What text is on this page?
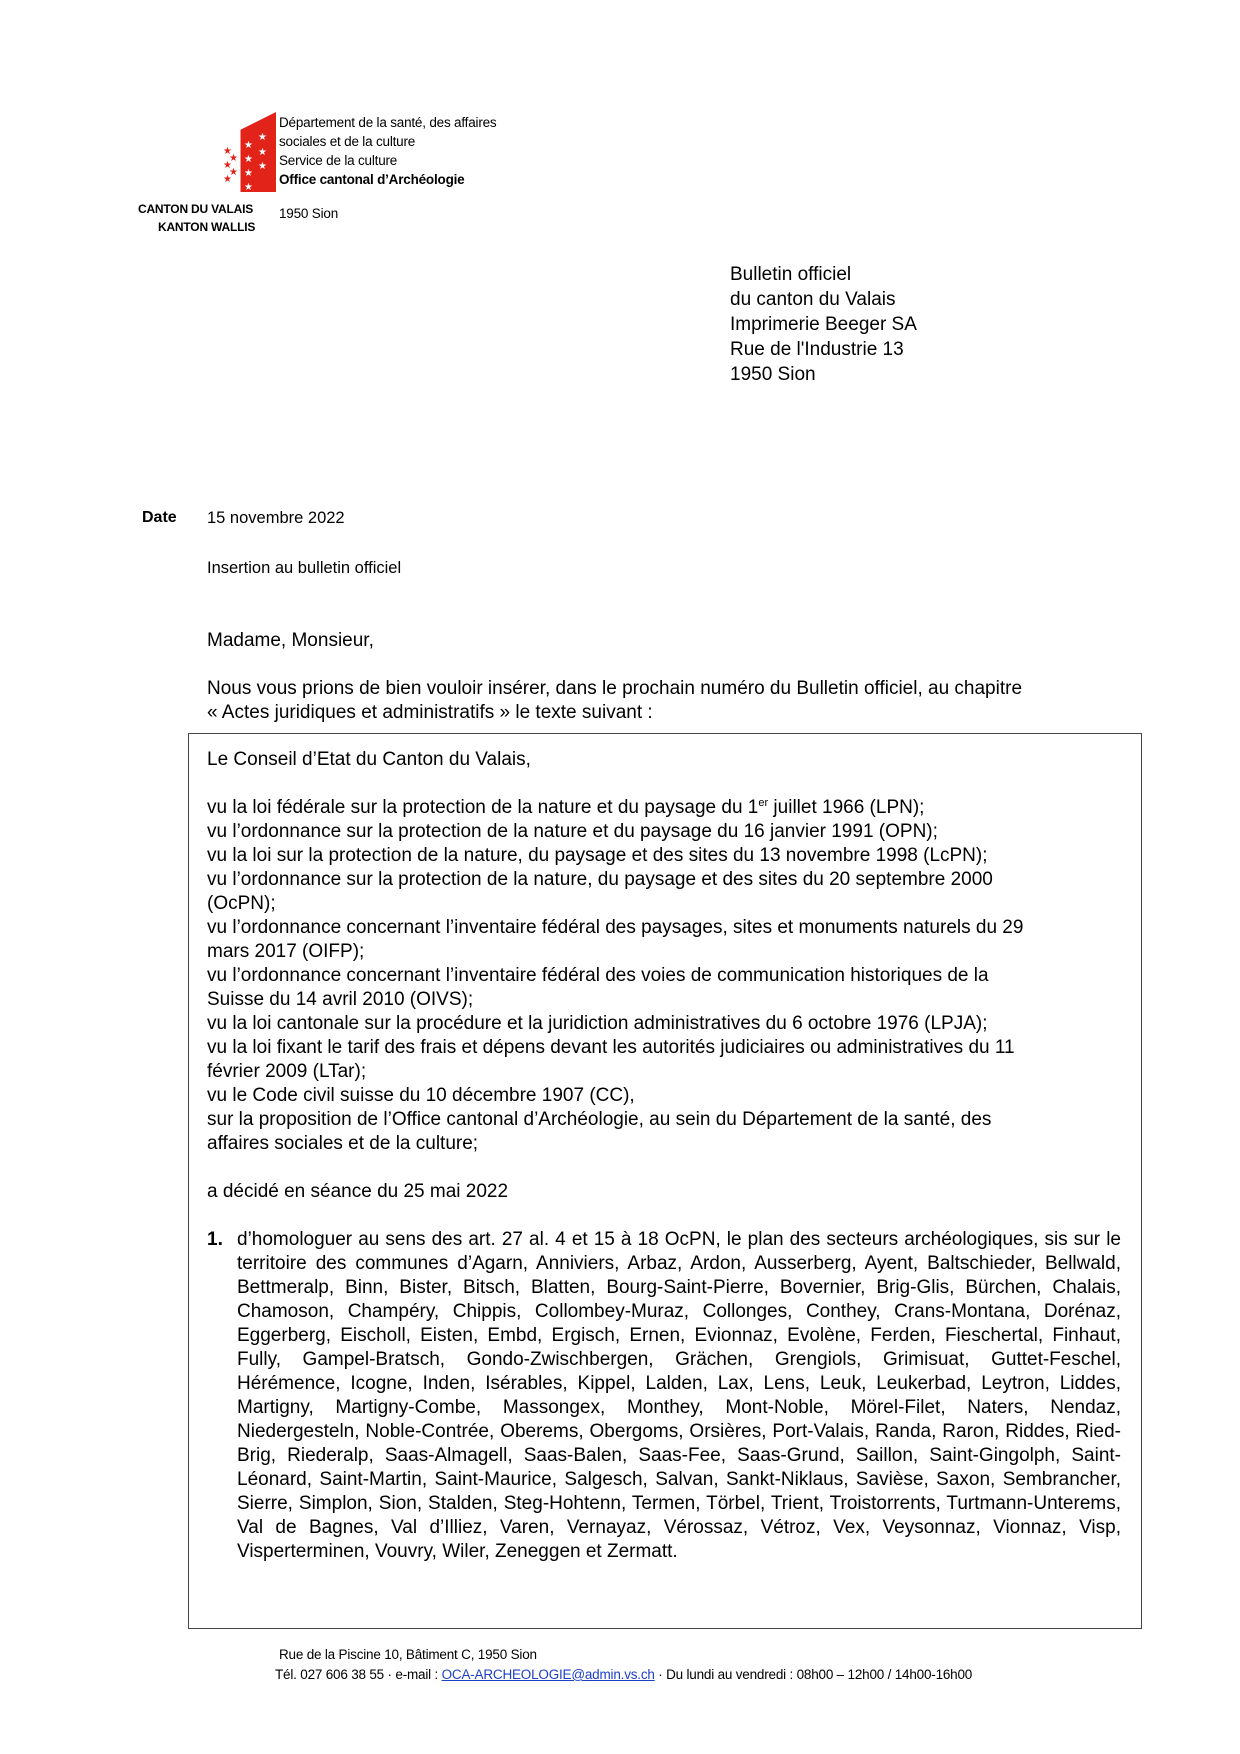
★
★
★
★
★
★
★
★
★
★
★
★
CANTON DU VALAIS
KANTON WALLIS
Département de la santé, des affaires
sociales et de la culture
Service de la culture
Office cantonal d’Archéologie
1950 Sion
Bulletin officiel
du canton du Valais
Imprimerie Beeger SA
Rue de l'Industrie 13
1950 Sion
Date 15 novembre 2022
Insertion au bulletin officiel
Madame, Monsieur,
Nous vous prions de bien vouloir insérer, dans le prochain numéro du Bulletin officiel, au chapitre
« Actes juridiques et administratifs » le texte suivant :

Le Conseil d’Etat du Canton du Valais,

vu la loi fédérale sur la protection de la nature et du paysage du 1er juillet 1966 (LPN);
vu l’ordonnance sur la protection de la nature et du paysage du 16 janvier 1991 (OPN);
vu la loi sur la protection de la nature, du paysage et des sites du 13 novembre 1998 (LcPN);
vu l’ordonnance sur la protection de la nature, du paysage et des sites du 20 septembre 2000
(OcPN);
vu l’ordonnance concernant l’inventaire fédéral des paysages, sites et monuments naturels du 29
mars 2017 (OIFP);
vu l’ordonnance concernant l’inventaire fédéral des voies de communication historiques de la
Suisse du 14 avril 2010 (OIVS);
vu la loi cantonale sur la procédure et la juridiction administratives du 6 octobre 1976 (LPJA);
vu la loi fixant le tarif des frais et dépens devant les autorités judiciaires ou administratives du 11
février 2009 (LTar);
vu le Code civil suisse du 10 décembre 1907 (CC),
sur la proposition de l’Office cantonal d’Archéologie, au sein du Département de la santé, des
affaires sociales et de la culture;

a décidé en séance du 25 mai 2022

1. d’homologuer au sens des art. 27 al. 4 et 15 à 18 OcPN, le plan des secteurs archéologiques, sis sur le territoire des communes d’Agarn, Anniviers, Arbaz, Ardon, Ausserberg, Ayent, Baltschieder, Bellwald, Bettmeralp, Binn, Bister, Bitsch, Blatten, Bourg-Saint-Pierre, Bovernier, Brig-Glis, Bürchen, Chalais, Chamoson, Champéry, Chippis, Collombey-Muraz, Collonges, Conthey, Crans-Montana, Dorénaz, Eggerberg, Eischoll, Eisten, Embd, Ergisch, Ernen, Evionnaz, Evolène, Ferden, Fieschertal, Finhaut, Fully, Gampel-Bratsch, Gondo-Zwischbergen, Grächen, Grengiols, Grimisuat, Guttet-Feschel, Hérémence, Icogne, Inden, Isérables, Kippel, Lalden, Lax, Lens, Leuk, Leukerbad, Leytron, Liddes, Martigny, Martigny-Combe, Massongex, Monthey, Mont-Noble, Mörel-Filet, Naters, Nendaz, Niedergesteln, Noble-Contrée, Oberems, Obergoms, Orsières, Port-Valais, Randa, Raron, Riddes, Ried-Brig, Riederalp, Saas-Almagell, Saas-Balen, Saas-Fee, Saas-Grund, Saillon, Saint-Gingolph, Saint-Léonard, Saint-Martin, Saint-Maurice, Salgesch, Salvan, Sankt-Niklaus, Savièse, Saxon, Sembrancher, Sierre, Simplon, Sion, Stalden, Steg-Hohtenn, Termen, Törbel, Trient, Troistorrents, Turtmann-Unterems, Val de Bagnes, Val d’Illiez, Varen, Vernayaz, Vérossaz, Vétroz, Vex, Veysonnaz, Vionnaz, Visp, Visperterminen, Vouvry, Wiler, Zeneggen et Zermatt.
Rue de la Piscine 10, Bâtiment C, 1950 Sion
Tél. 027 606 38 55 · e-mail : OCA-ARCHEOLOGIE@admin.vs.ch · Du lundi au vendredi : 08h00 – 12h00 / 14h00-16h00
